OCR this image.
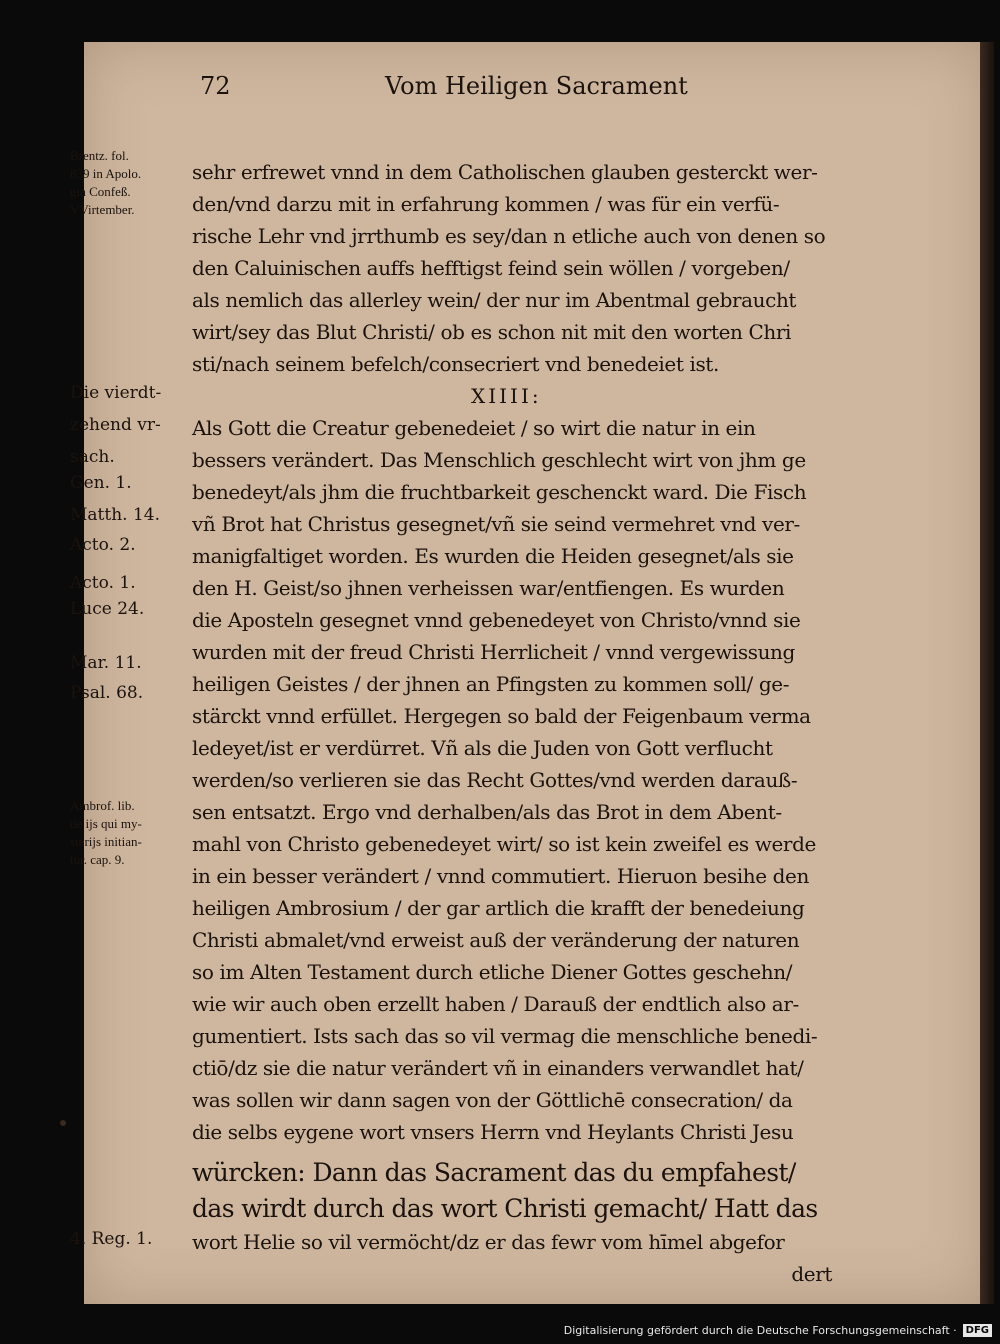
72	Vom Heiligen Sacrament
Brentz. fol.
839 in Apolo.
gia Confeß.
VVirtember.
Die vierdt-
zehend vr-
sach.
Gen. 1.
Matth. 14.
Acto. 2.
Acto. 1.
Luce 24.
Mar. 11.
Psal. 68.
Ambrof. lib.
de ijs qui my-
sterijs initian-
tur. cap. 9.
4. Reg. 1.
sehr erfrewet vnnd in dem Catholischen glauben gesterckt wer-
den/vnd darzu mit in erfahrung kommen / was für ein verfü-
rische Lehr vnd jrrthumb es sey/dan n etliche auch von denen so
den Caluinischen auffs hefftigst feind sein wöllen / vorgeben/
als nemlich das allerley wein/ der nur im Abentmal gebraucht
wirt/sey das Blut Christi/ ob es schon nit mit den worten Chri
sti/nach seinem befelch/consecriert vnd benedeiet ist.
XIIII:
Als Gott die Creatur gebenedeiet / so wirt die natur in ein
bessers verändert. Das Menschlich geschlecht wirt von jhm ge
benedeyt/als jhm die fruchtbarkeit geschenckt ward. Die Fisch
vñ Brot hat Christus gesegnet/vñ sie seind vermehret vnd ver-
manigfaltiget worden. Es wurden die Heiden gesegnet/als sie
den H. Geist/so jhnen verheissen war/entfiengen. Es wurden
die Aposteln gesegnet vnnd gebenedeyet von Christo/vnnd sie
wurden mit der freud Christi Herrlicheit / vnnd vergewissung
heiligen Geistes / der jhnen an Pfingsten zu kommen soll/ ge-
stärckt vnnd erfüllet. Hergegen so bald der Feigenbaum verma
ledeyet/ist er verdürret. Vñ als die Juden von Gott verflucht
werden/so verlieren sie das Recht Gottes/vnd werden darauß-
sen entsatzt. Ergo vnd derhalben/als das Brot in dem Abent-
mahl von Christo gebenedeyet wirt/ so ist kein zweifel es werde
in ein besser verändert / vnnd commutiert. Hieruon besihe den
heiligen Ambrosium / der gar artlich die krafft der benedeiung
Christi abmalet/vnd erweist auß der veränderung der naturen
so im Alten Testament durch etliche Diener Gottes geschehn/
wie wir auch oben erzellt haben / Darauß der endtlich also ar-
gumentiert. Ists sach das so vil vermag die menschliche benedi-
ctiō/dz sie die natur verändert vñ in einanders verwandlet hat/
was sollen wir dann sagen von der Göttlichē consecration/ da
die selbs eygene wort vnsers Herrn vnd Heylants Christi Jesu
würcken: Dann das Sacrament das du empfahest/
das wirdt durch das wort Christi gemacht/ Hatt das
wort Helie so vil vermöcht/dz er das fewr vom hīmel abgefor
dert
Digitalisierung gefördert durch die Deutsche Forschungsgemeinschaft · DFG
